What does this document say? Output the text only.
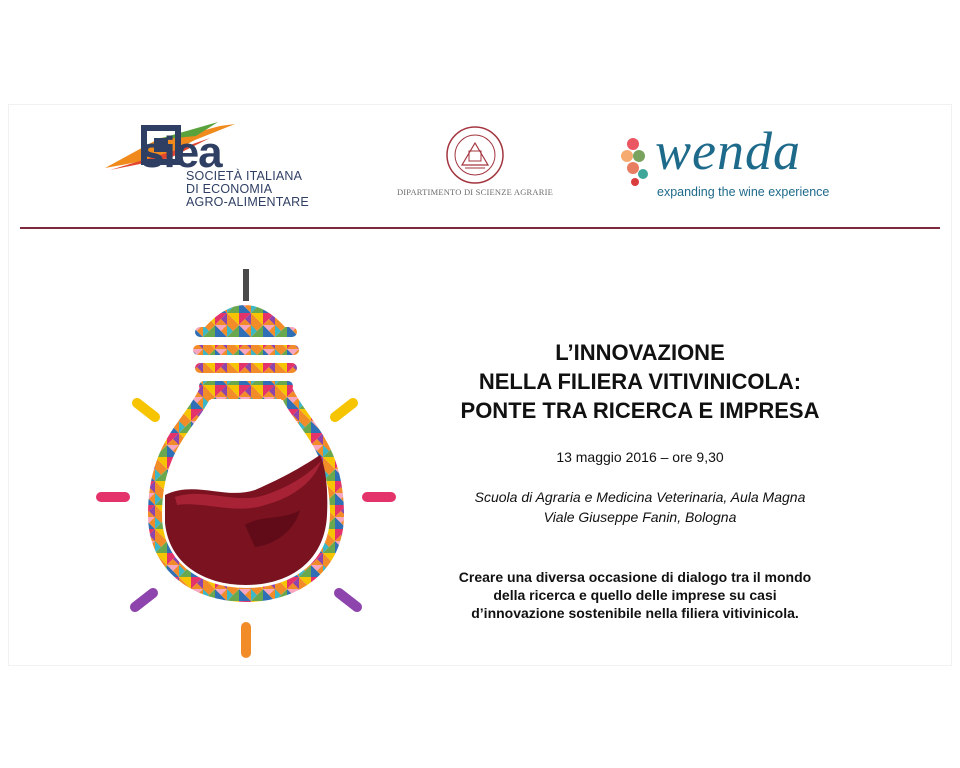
siea
SOCIETÀ ITALIANA
DI ECONOMIA
AGRO-ALIMENTARE
DIPARTIMENTO DI SCIENZE AGRARIE
wenda
expanding the wine experience
L’INNOVAZIONE
NELLA FILIERA VITIVINICOLA:
PONTE TRA RICERCA E IMPRESA
13 maggio 2016 – ore 9,30
Scuola di Agraria e Medicina Veterinaria, Aula Magna
Viale Giuseppe Fanin, Bologna
Creare una diversa occasione di dialogo tra il mondo
della ricerca e quello delle imprese su casi
d’innovazione sostenibile nella filiera vitivinicola.
